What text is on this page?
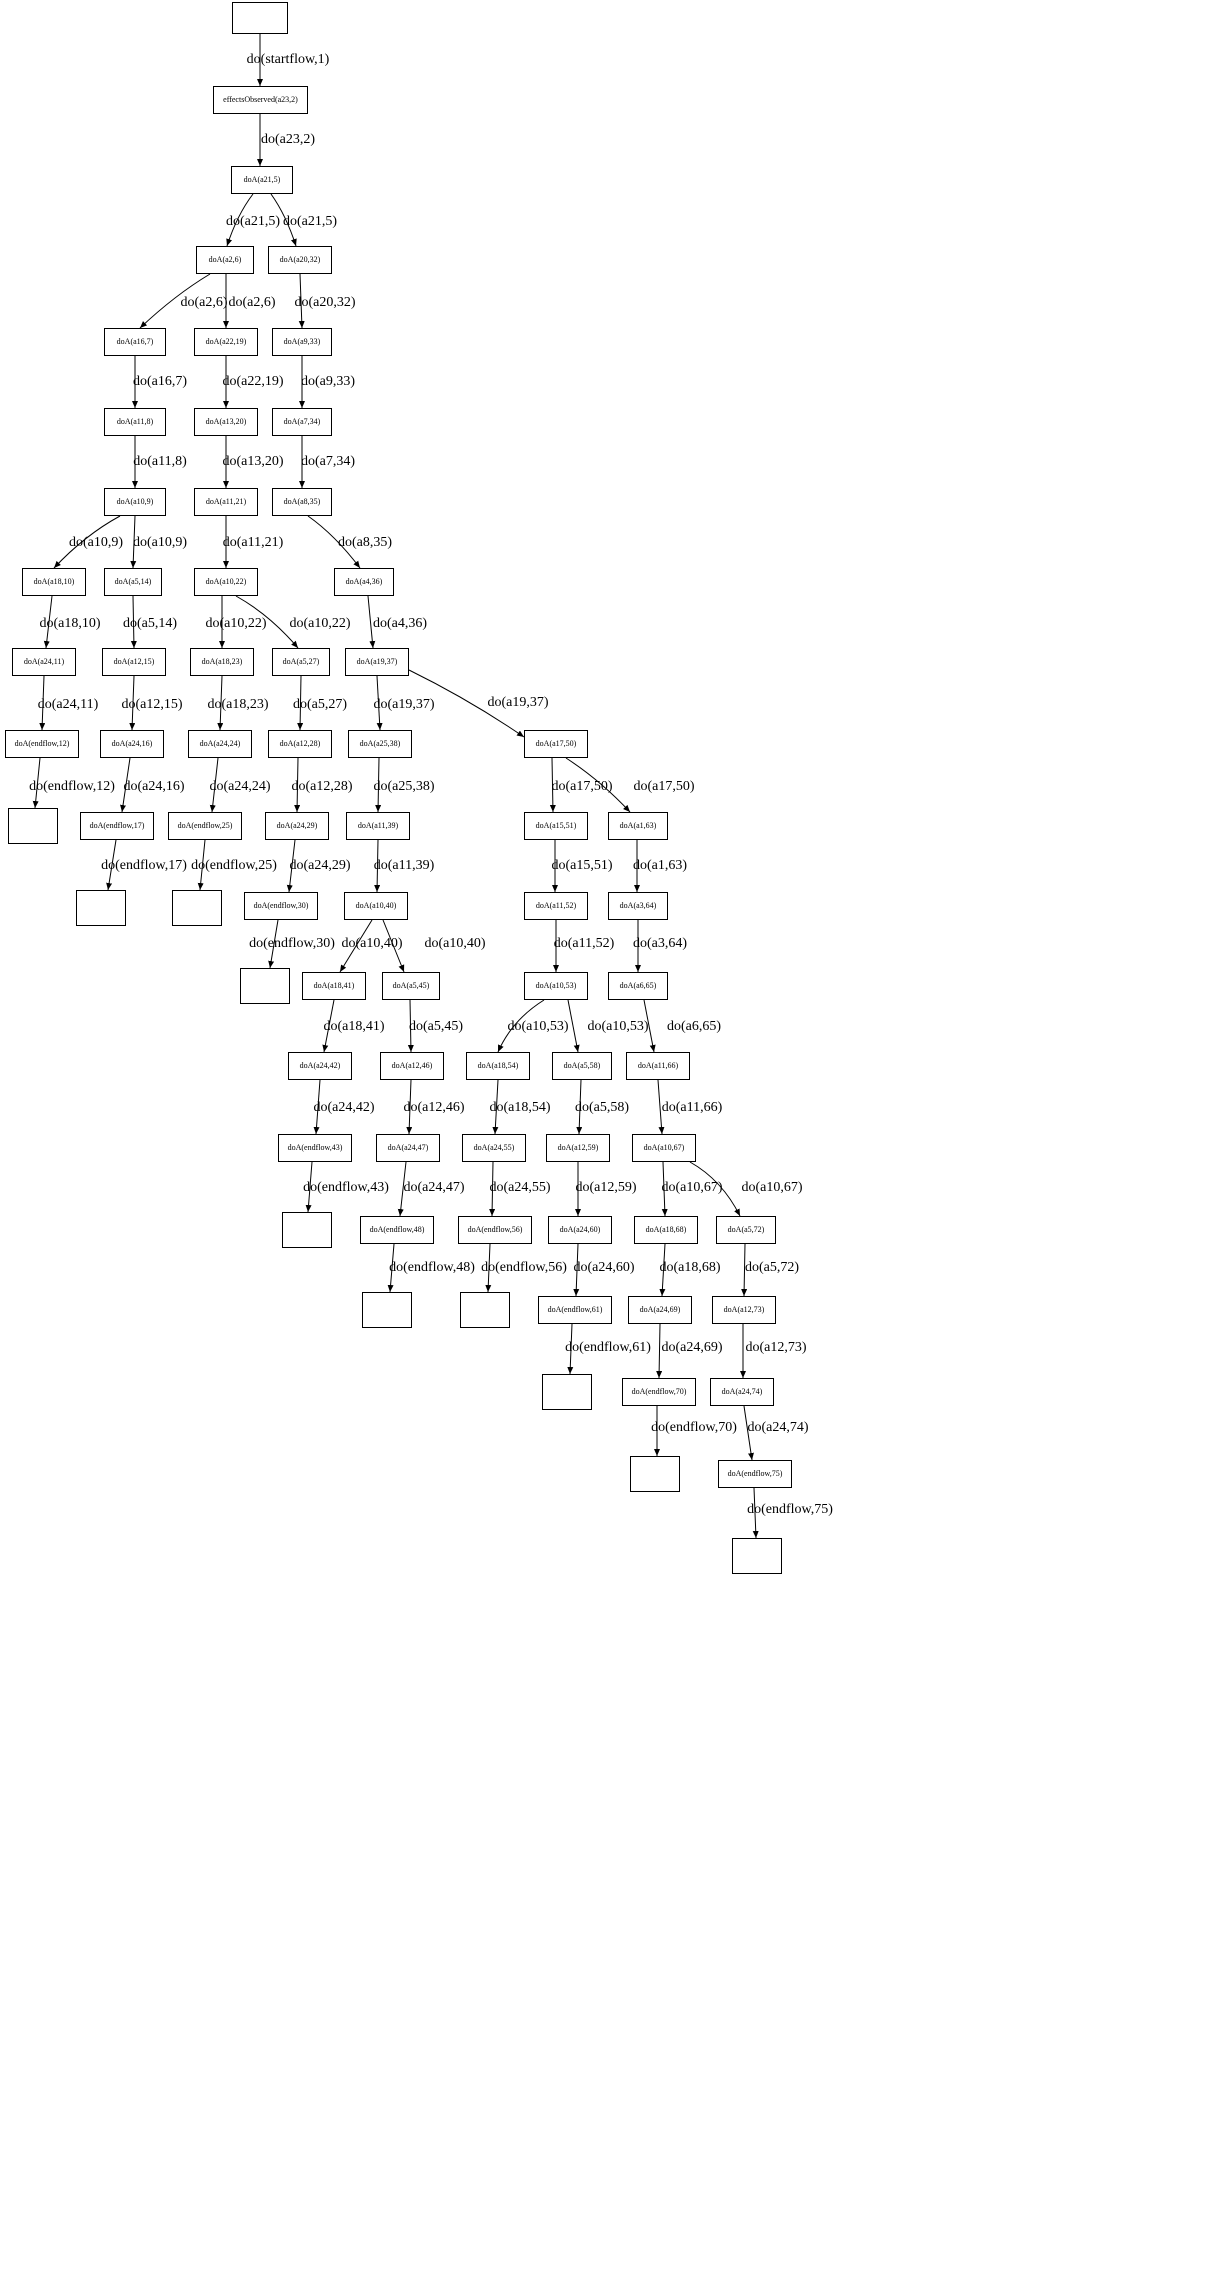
effectsObserved(a23,2)
doA(a21,5)
doA(a2,6)	doA(a20,32)
doA(a16,7)	doA(a22,19)	doA(a9,33)
doA(a11,8)	doA(a13,20)	doA(a7,34)
doA(a10,9)	doA(a11,21)	doA(a8,35)
doA(a18,10)	doA(a5,14)	doA(a10,22)	doA(a4,36)
doA(a24,11)	doA(a12,15)	doA(a18,23)	doA(a5,27)	doA(a19,37)
doA(endflow,12)	doA(a24,16)	doA(a24,24)	doA(a12,28)	doA(a25,38)	doA(a17,50)
doA(endflow,17)	doA(endflow,25)	doA(a24,29)	doA(a11,39)	doA(a15,51)	doA(a1,63)
doA(endflow,30)	doA(a10,40)	doA(a11,52)	doA(a3,64)
doA(a18,41)	doA(a5,45)	doA(a10,53)	doA(a6,65)
doA(a24,42)	doA(a12,46)	doA(a18,54)	doA(a5,58)	doA(a11,66)
doA(endflow,43)	doA(a24,47)	doA(a24,55)	doA(a12,59)	doA(a10,67)
doA(endflow,48)	doA(endflow,56)	doA(a24,60)	doA(a18,68)	doA(a5,72)
doA(endflow,61)	doA(a24,69)	doA(a12,73)
doA(endflow,70)	doA(a24,74)
doA(endflow,75)
do(startflow,1)
do(a23,2)
do(a21,5) do(a21,5)
do(a2,6) do(a2,6) do(a20,32)
do(a16,7)	do(a22,19) do(a9,33)
do(a11,8)	do(a13,20) do(a7,34)
do(a10,9) do(a10,9)	do(a11,21)	do(a8,35)
do(a18,10) do(a5,14) do(a10,22) do(a10,22) do(a4,36)
do(a24,11) do(a12,15) do(a18,23) do(a5,27) do(a19,37)	do(a19,37)
do(endflow,12) do(a24,16) do(a24,24) do(a12,28) do(a25,38)	do(a17,50) do(a17,50)
do(endflow,17) do(endflow,25) do(a24,29) do(a11,39)	do(a15,51) do(a1,63)
do(endflow,30) do(a10,40) do(a10,40)	do(a11,52) do(a3,64)
do(a18,41) do(a5,45)	do(a10,53) do(a10,53) do(a6,65)
do(a24,42) do(a12,46) do(a18,54) do(a5,58) do(a11,66)
do(endflow,43) do(a24,47) do(a24,55) do(a12,59) do(a10,67) do(a10,67)
do(endflow,48) do(endflow,56) do(a24,60) do(a18,68) do(a5,72)
do(endflow,61) do(a24,69) do(a12,73)
do(endflow,70) do(a24,74)
do(endflow,75)
